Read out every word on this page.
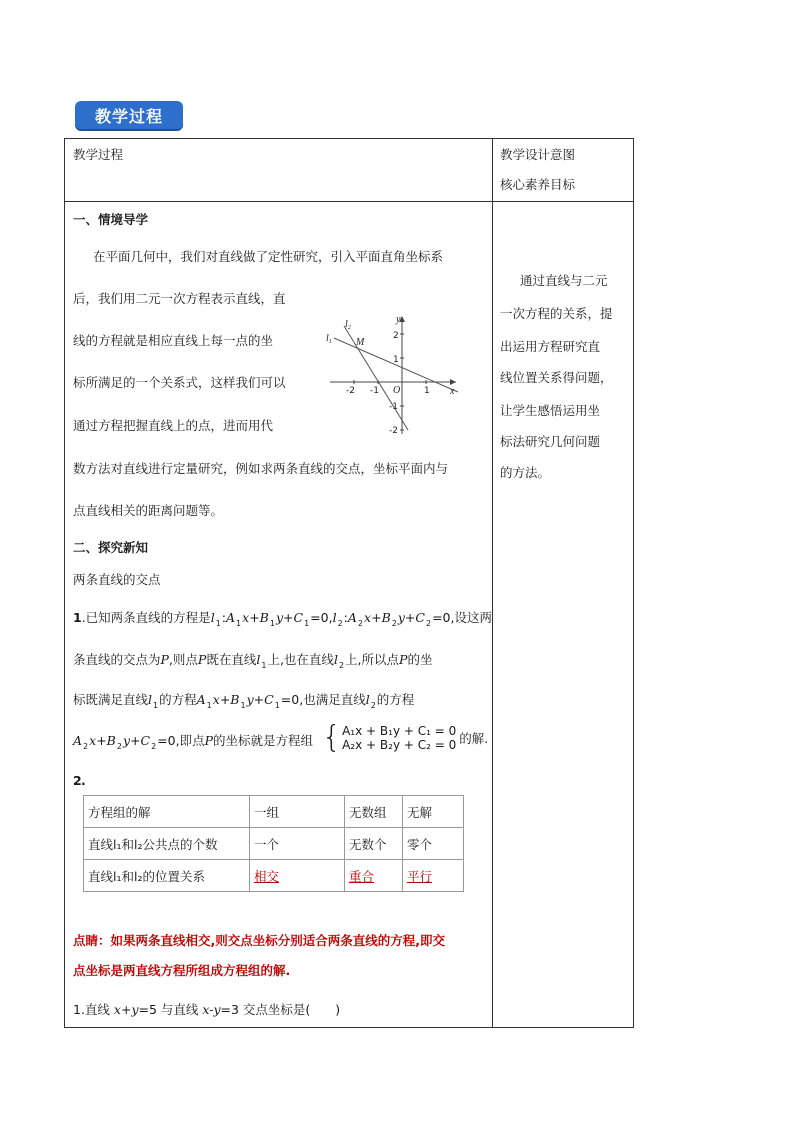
教学过程
教学过程	教学设计意图
核心素养目标
通过直线与二元
一次方程的关系，提
出运用方程研究直
线位置关系得问题，
让学生感悟运用坐
标法研究几何问题
的方法。
一、情境导学
在平面几何中，我们对直线做了定性研究，引入平面直角坐标系
后，我们用二元一次方程表示直线，直
线的方程就是相应直线上每一点的坐
标所满足的一个关系式，这样我们可以
通过方程把握直线上的点，进而用代
数方法对直线进行定量研究，例如求两条直线的交点，坐标平面内与
点直线相关的距离问题等。
$l_1$
$l_2$
M
y
x
O
2
1
-1
-2
-2 -1	1
二、探究新知
两条直线的交点
1.已知两条直线的方程是$l_1:A_1x+B_1y+C_1=0,l_2:A_2x+B_2y+C_2=0$,设这两
条直线的交点为P,则点P既在直线$l_1$上,也在直线$l_2$上,所以点P的坐
标既满足直线$l_1$的方程$A_1x+B_1y+C_1=0$,也满足直线$l_2$的方程
$A_2x+B_2y+C_2=0$,即点P的坐标就是方程组 { A₁x + B₁y + C₁ = 0
A₂x + B₂y + C₂ = 0 的解.
2 .
方程组的解	一组	无数组	无解
直线l₁和l₂公共点的个数	一个	无数个	零个
直线l₁和l₂的位置关系	相交	重合	平行
点睛：如果两条直线相交,则交点坐标分别适合两条直线的方程,即交
点坐标是两直线方程所组成方程组的解.
1.直线 x+y=5 与直线 x-y=3 交点坐标是(　　)
